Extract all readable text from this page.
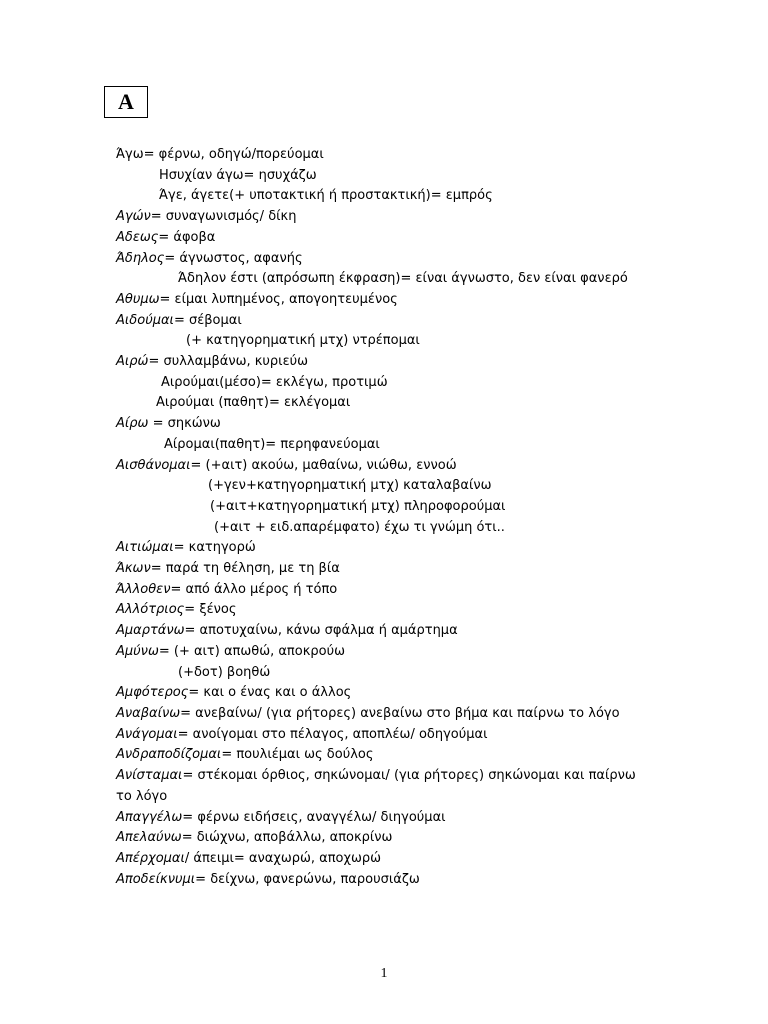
Α
Άγω= φέρνω, οδηγώ/πορεύομαι
Ησυχίαν άγω= ησυχάζω
Άγε, άγετε(+ υποτακτική ή προστακτική)= εμπρός
Αγών= συναγωνισμός/ δίκη
Αδεως= άφοβα
Άδηλος= άγνωστος, αφανής
Άδηλον έστι (απρόσωπη έκφραση)= είναι άγνωστο, δεν είναι φανερό
Αθυμω= είμαι λυπημένος, απογοητευμένος
Αιδούμαι= σέβομαι
(+ κατηγορηματική μτχ) ντρέπομαι
Αιρώ= συλλαμβάνω, κυριεύω
Αιρούμαι(μέσο)= εκλέγω, προτιμώ
Αιρούμαι (παθητ)= εκλέγομαι
Αίρω = σηκώνω
Αίρομαι(παθητ)= περηφανεύομαι
Αισθάνομαι= (+αιτ) ακούω, μαθαίνω, νιώθω, εννοώ
(+γεν+κατηγορηματική μτχ) καταλαβαίνω
(+αιτ+κατηγορηματική μτχ) πληροφορούμαι
(+αιτ + ειδ.απαρέμφατο) έχω τι γνώμη ότι..
Αιτιώμαι= κατηγορώ
Άκων= παρά τη θέληση, με τη βία
Άλλοθεν= από άλλο μέρος ή τόπο
Αλλότριος= ξένος
Αμαρτάνω= αποτυχαίνω, κάνω σφάλμα ή αμάρτημα
Αμύνω= (+ αιτ) απωθώ, αποκρούω
(+δοτ) βοηθώ
Αμφότερος= και ο ένας και ο άλλος
Αναβαίνω= ανεβαίνω/ (για ρήτορες) ανεβαίνω στο βήμα και παίρνω το λόγο
Ανάγομαι= ανοίγομαι στο πέλαγος, αποπλέω/ οδηγούμαι
Ανδραποδίζομαι= πουλιέμαι ως δούλος
Ανίσταμαι= στέκομαι όρθιος, σηκώνομαι/ (για ρήτορες) σηκώνομαι και παίρνω το λόγο
Απαγγέλω= φέρνω ειδήσεις, αναγγέλω/ διηγούμαι
Απελαύνω= διώχνω, αποβάλλω, αποκρίνω
Απέρχομαι/ άπειμι= αναχωρώ, αποχωρώ
Αποδείκνυμι= δείχνω, φανερώνω, παρουσιάζω
1
